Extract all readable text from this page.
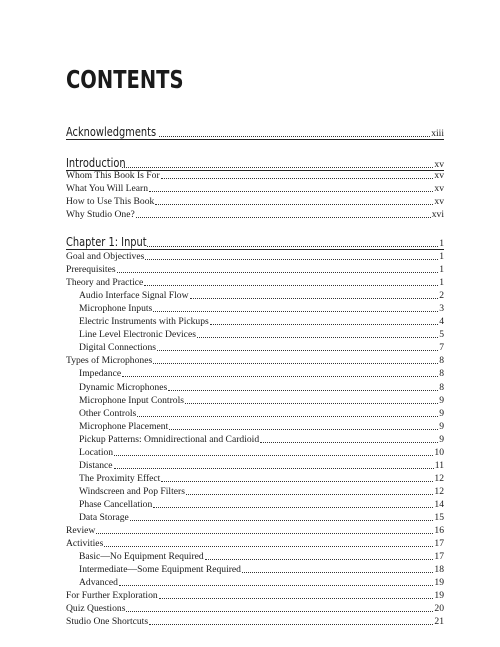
CONTENTS
Acknowledgments	xiii
Introduction	xv
Whom This Book Is For	xv
What You Will Learn	xv
How to Use This Book	xv
Why Studio One?	xvi
Chapter 1: Input	1
Goal and Objectives	1
Prerequisites	1
Theory and Practice	1
Audio Interface Signal Flow	2
Microphone Inputs	3
Electric Instruments with Pickups	4
Line Level Electronic Devices	5
Digital Connections	7
Types of Microphones	8
Impedance	8
Dynamic Microphones	8
Microphone Input Controls	9
Other Controls	9
Microphone Placement	9
Pickup Patterns: Omnidirectional and Cardioid	9
Location	10
Distance	11
The Proximity Effect	12
Windscreen and Pop Filters	12
Phase Cancellation	14
Data Storage	15
Review	16
Activities	17
Basic—No Equipment Required	17
Intermediate—Some Equipment Required	18
Advanced	19
For Further Exploration	19
Quiz Questions	20
Studio One Shortcuts	21
